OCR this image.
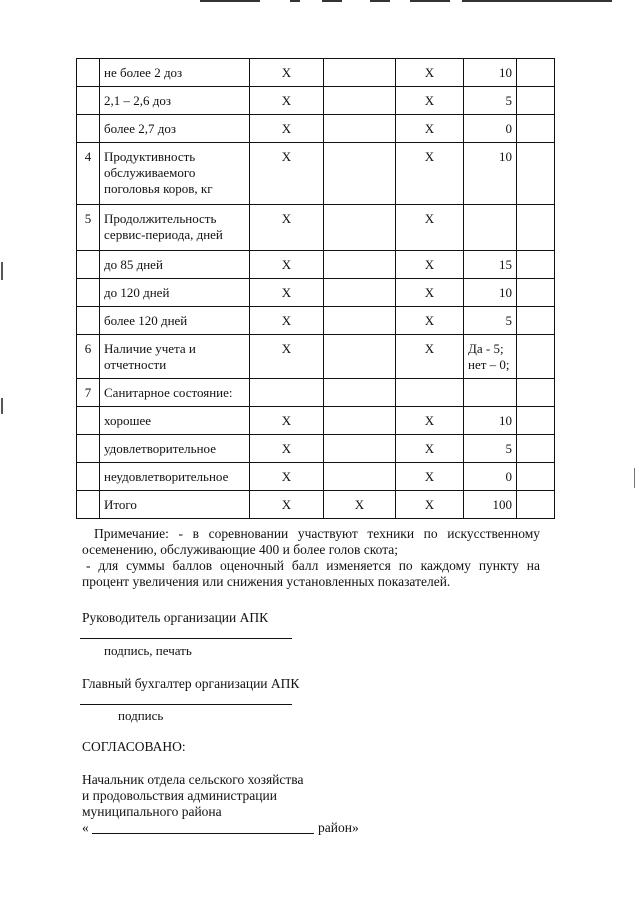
	не более 2 доз	Х		Х	10	
	2,1 – 2,6 доз	Х		Х	5	
	более 2,7 доз	Х		Х	0	
4	Продуктивность обслуживаемого поголовья коров, кг	Х		Х	10	
5	Продолжительность сервис-периода, дней	Х		Х		
	до 85 дней	Х		Х	15	
	до 120 дней	Х		Х	10	
	более 120 дней	Х		Х	5	
6	Наличие учета и отчетности	Х		Х	Да - 5; нет – 0;	
7	Санитарное состояние:					
	хорошее	Х		Х	10	
	удовлетворительное	Х		Х	5	
	неудовлетворительное	Х		Х	0	
	Итого	Х	Х	Х	100	

Примечание: - в соревновании участвуют техники по искусственному осеменению, обслуживающие 400 и более голов скота;

- для суммы баллов оценочный балл изменяется по каждому пункту на процент увеличения или снижения установленных показателей.

Руководитель организации АПК
подпись, печать
Главный бухгалтер организации АПК
подпись
СОГЛАСОВАНО:
Начальник отдела сельского хозяйства
и продовольствия администрации
муниципального района
«	район»
